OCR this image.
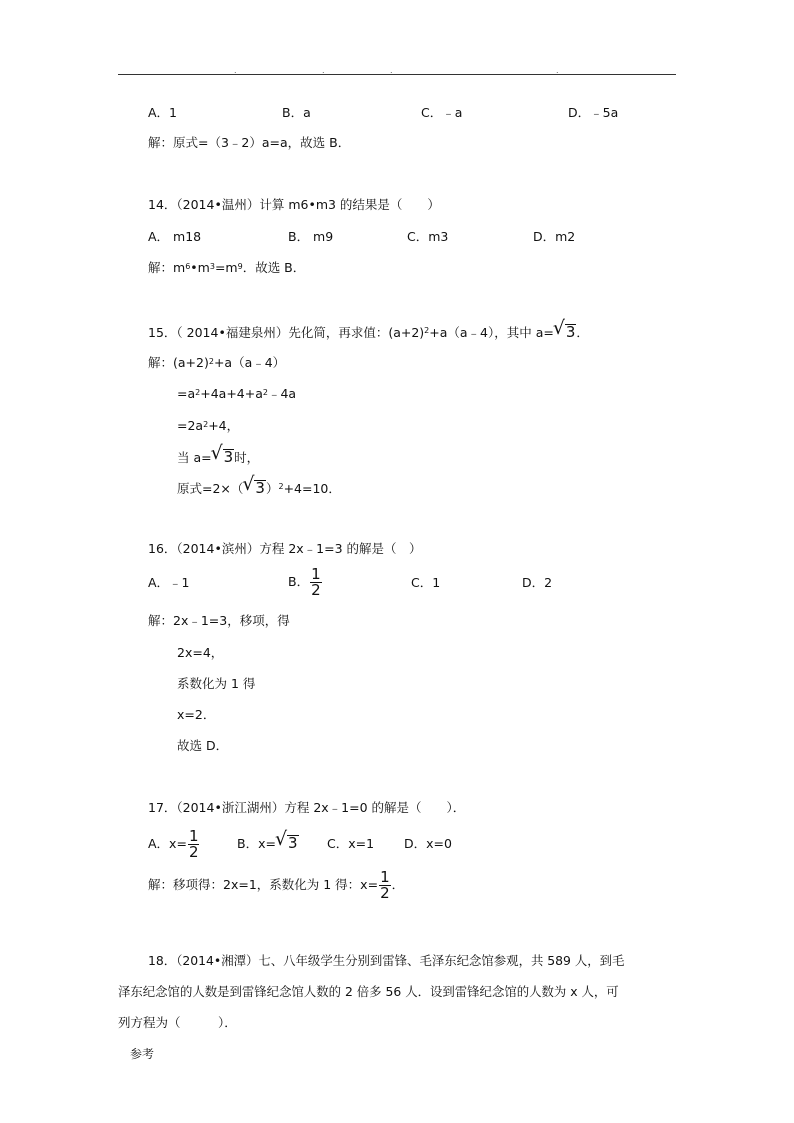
.	.	.	.
A．1	B．a	C．﹣a	D．﹣5a
解：原式=（3﹣2）a=a，故选 B．
14．（2014•温州）计算 m6•m3 的结果是（　　）
A． m18	B． m9	C．m3	D．m2
解：$m^6•m^3=m^9$．故选 B．
15．（ 2014•福建泉州）先化简，再求值：$(a+2)^2+a(a﹣4)$，其中 a= √ 3．
解：$(a+2)^2+a(a﹣4)$
$=a^2+4a+4+a^2﹣4a$
$=2a^2+4$，
当 a= √ 3时，
原式=2×（ √ 3）$^2$+4=10．
16．（2014•滨州）方程 2x﹣1=3 的解是（　）
A．﹣1	B． $\frac{1}{2}$	C．1	D．2
解：2x﹣1=3，移项，得
2x=4，
系数化为 1 得
x=2．
故选 D．
17．（2014•浙江湖州）方程 2x﹣1=0 的解是（　　）．
A．$x= \frac{1}{2}$	B．x= √ 3 C．x=1 D．x=0
解：移项得：2x=1，系数化为 1 得：$x= \frac{1}{2}$ ．
18．（2014•湘潭）七、八年级学生分别到雷锋、毛泽东纪念馆参观，共 589 人，到毛
泽东纪念馆的人数是到雷锋纪念馆人数的 2 倍多 56 人．设到雷锋纪念馆的人数为 x 人，可
列方程为（　　　）．
参考
